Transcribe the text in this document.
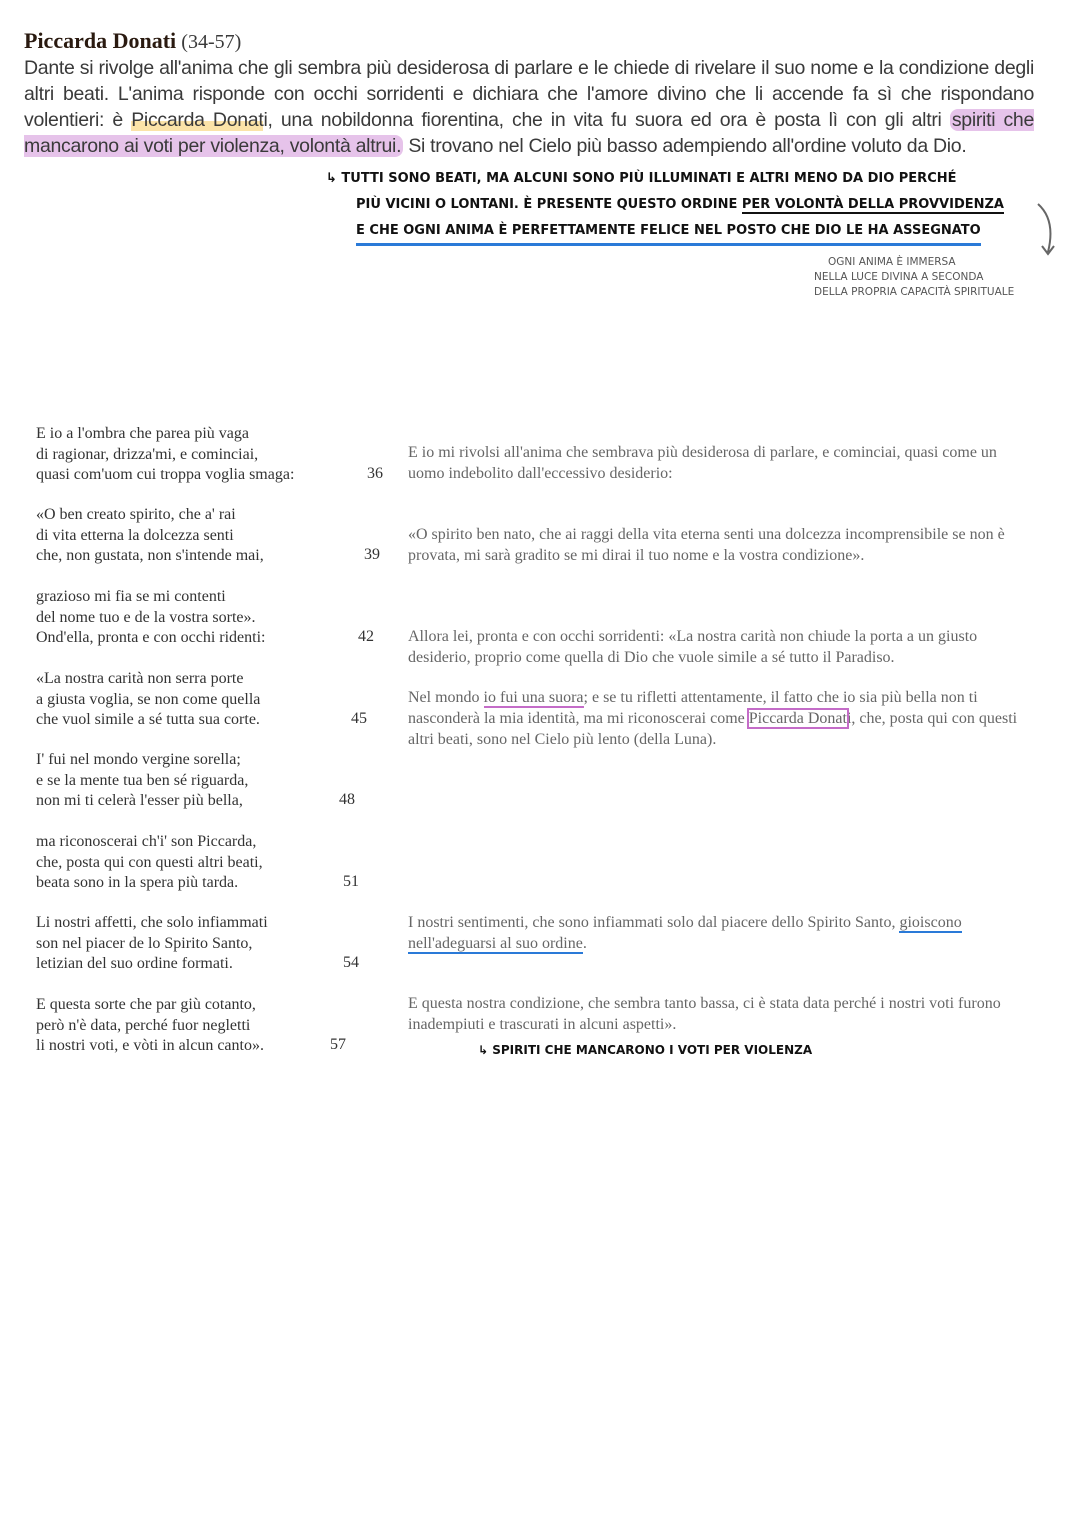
Piccarda Donati (34-57)
Dante si rivolge all'anima che gli sembra più desiderosa di parlare e le chiede di rivelare il suo nome e la condizione degli altri beati. L'anima risponde con occhi sorridenti e dichiara che l'amore divino che li accende fa sì che rispondano volentieri: è Piccarda Donati, una nobildonna fiorentina, che in vita fu suora ed ora è posta lì con gli altri spiriti che mancarono ai voti per violenza, volontà altrui. Si trovano nel Cielo più basso adempiendo all'ordine voluto da Dio.
↳ TUTTI SONO BEATI, MA ALCUNI SONO PIÙ ILLUMINATI E ALTRI MENO DA DIO PERCHÉ
PIÙ VICINI O LONTANI. È PRESENTE QUESTO ORDINE PER VOLONTÀ DELLA PROVVIDENZA
E CHE OGNI ANIMA È PERFETTAMENTE FELICE NEL POSTO CHE DIO LE HA ASSEGNATO
OGNI ANIMA È IMMERSA
NELLA LUCE DIVINA A SECONDA
DELLA PROPRIA CAPACITÀ SPIRITUALE
E io a l'ombra che parea più vaga
di ragionar, drizza'mi, e cominciai,
quasi com'uom cui troppa voglia smaga:	36
«O ben creato spirito, che a' rai
di vita etterna la dolcezza senti
che, non gustata, non s'intende mai,	39
grazioso mi fia se mi contenti
del nome tuo e de la vostra sorte».
Ond'ella, pronta e con occhi ridenti:	42
«La nostra carità non serra porte
a giusta voglia, se non come quella
che vuol simile a sé tutta sua corte.	45
I' fui nel mondo vergine sorella;
e se la mente tua ben sé riguarda,
non mi ti celerà l'esser più bella,	48
ma riconoscerai ch'i' son Piccarda,
che, posta qui con questi altri beati,
beata sono in la spera più tarda.	51
Li nostri affetti, che solo infiammati
son nel piacer de lo Spirito Santo,
letizian del suo ordine formati.	54
E questa sorte che par giù cotanto,
però n'è data, perché fuor negletti
li nostri voti, e vòti in alcun canto».	57
E io mi rivolsi all'anima che sembrava più desiderosa di parlare, e cominciai, quasi come un uomo indebolito dall'eccessivo desiderio:
«O spirito ben nato, che ai raggi della vita eterna senti una dolcezza incomprensibile se non è provata, mi sarà gradito se mi dirai il tuo nome e la vostra condizione».
Allora lei, pronta e con occhi sorridenti: «La nostra carità non chiude la porta a un giusto desiderio, proprio come quella di Dio che vuole simile a sé tutto il Paradiso.
Nel mondo io fui una suora; e se tu rifletti attentamente, il fatto che io sia più bella non ti nasconderà la mia identità, ma mi riconoscerai come Piccarda Donati, che, posta qui con questi altri beati, sono nel Cielo più lento (della Luna).
I nostri sentimenti, che sono infiammati solo dal piacere dello Spirito Santo, gioiscono nell'adeguarsi al suo ordine.
E questa nostra condizione, che sembra tanto bassa, ci è stata data perché i nostri voti furono inadempiuti e trascurati in alcuni aspetti».
↳ SPIRITI CHE MANCARONO I VOTI PER VIOLENZA
